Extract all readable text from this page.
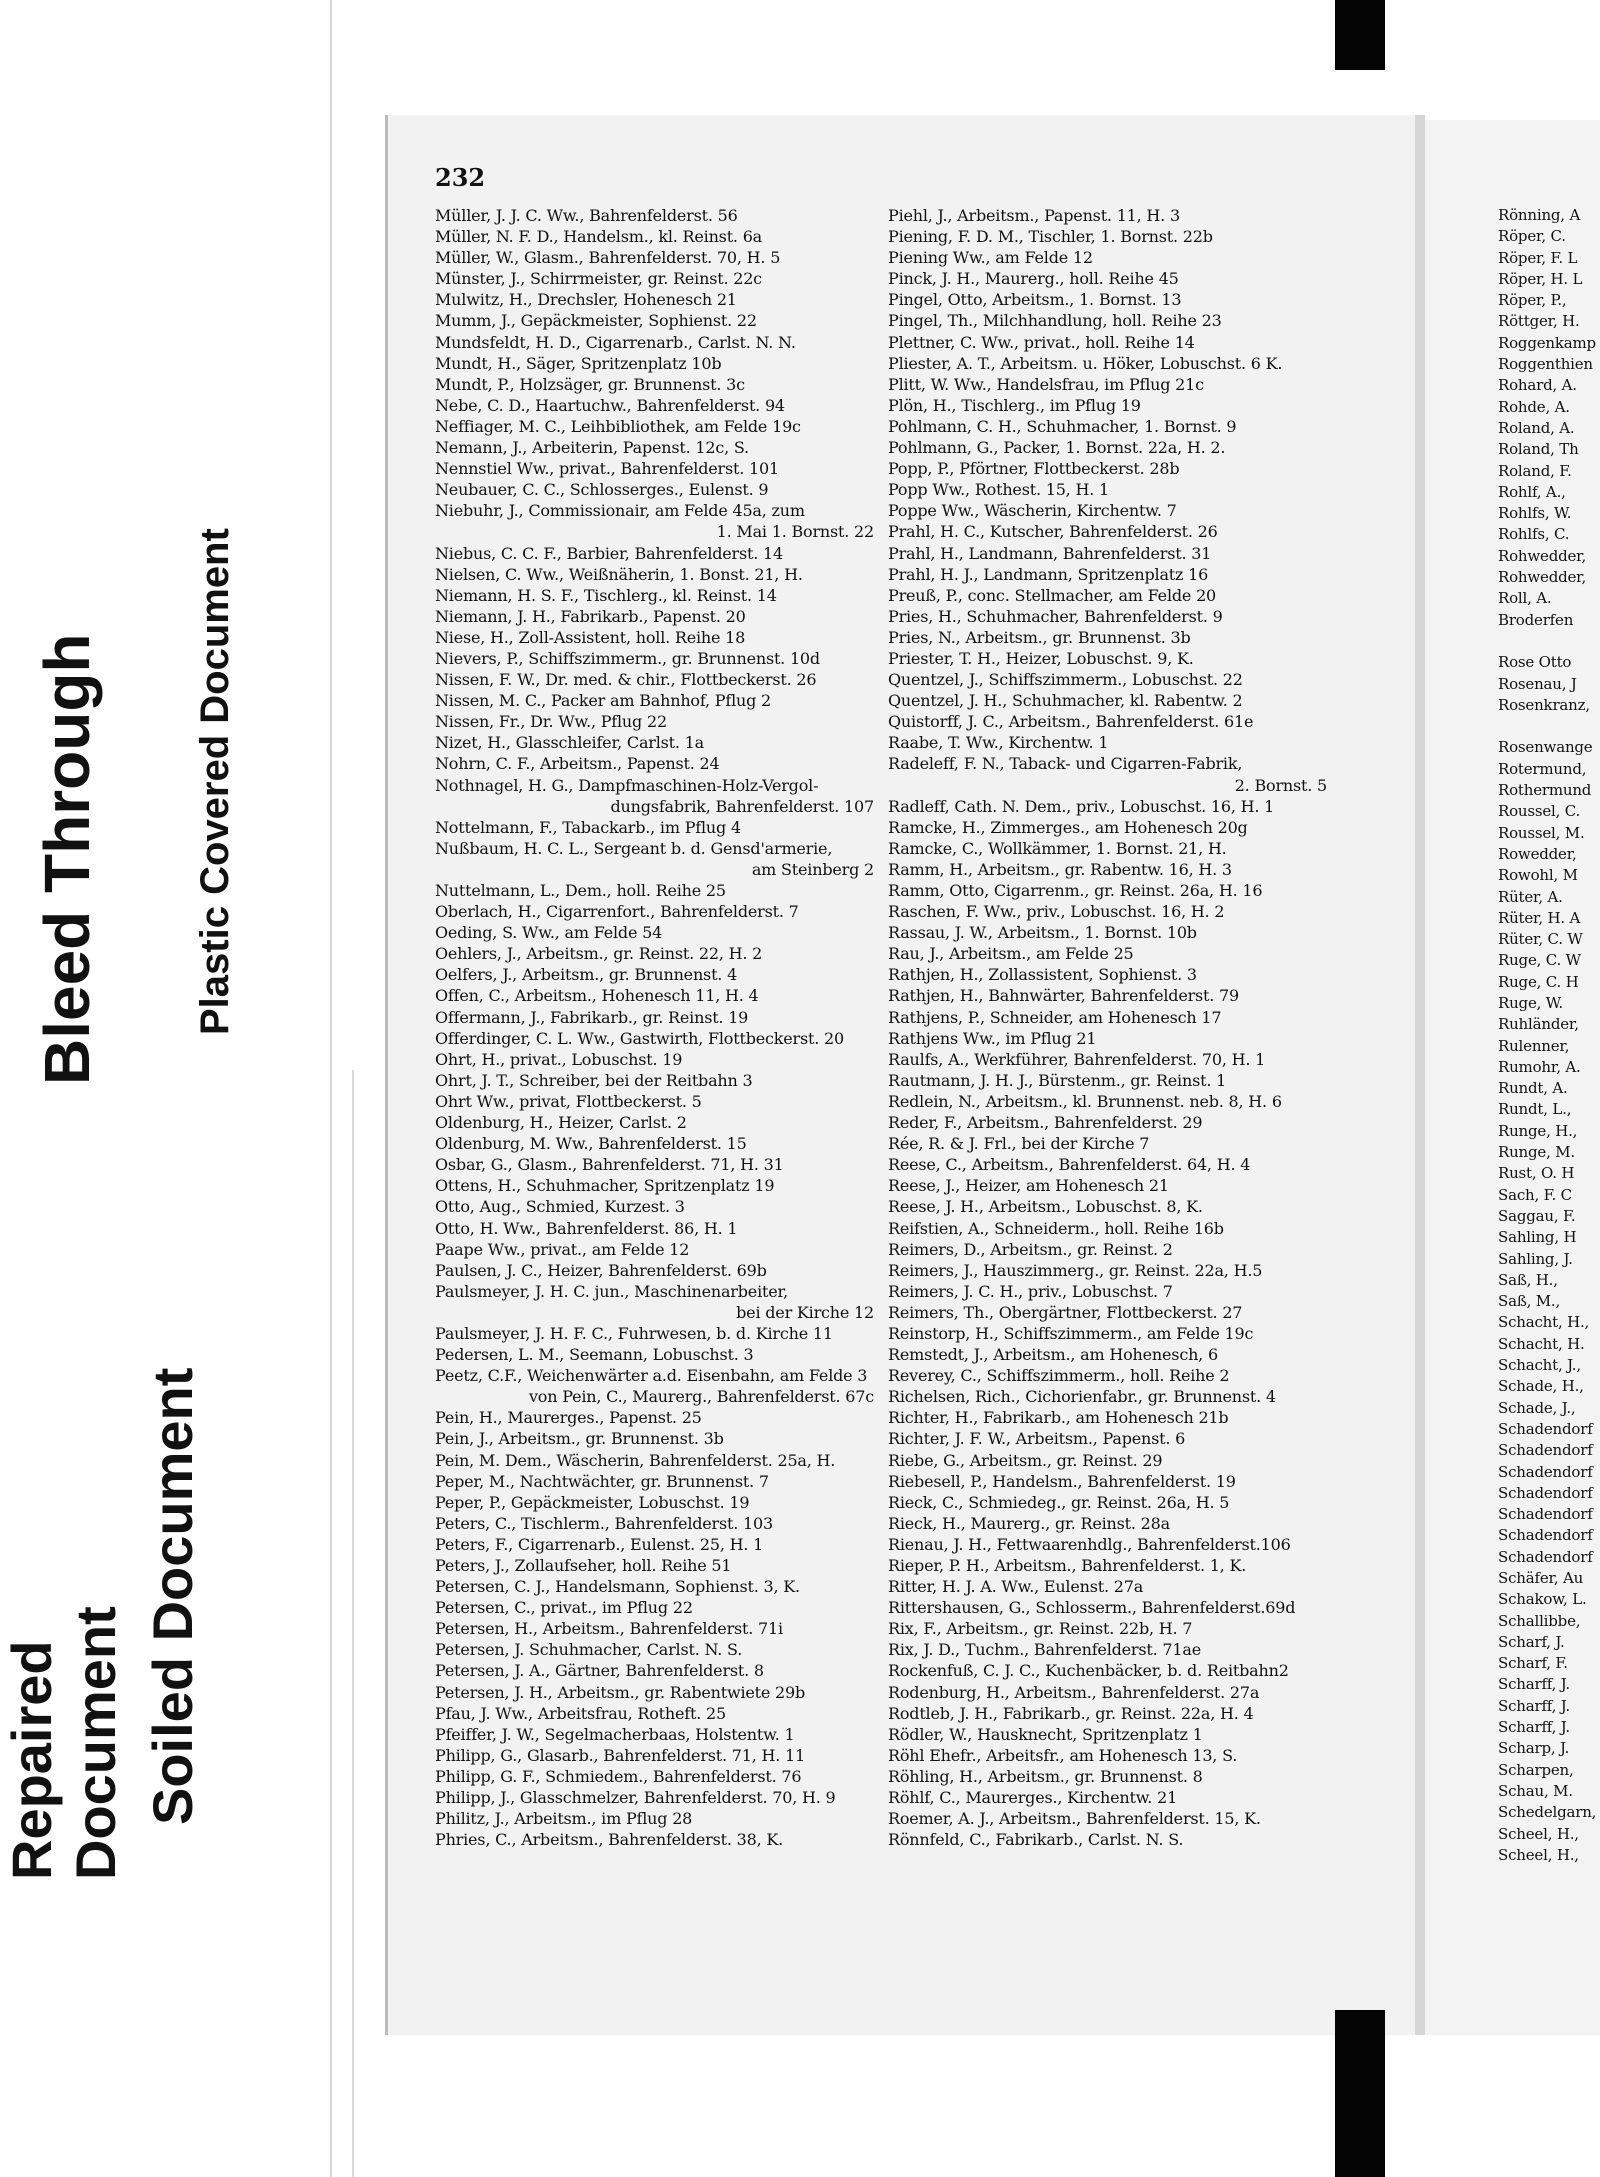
Bleed Through Plastic Covered Document
Repaired Document Soiled Document
232
Müller, J. J. C. Ww., Bahrenfelderst. 56
Müller, N. F. D., Handelsm., kl. Reinst. 6a
Müller, W., Glasm., Bahrenfelderst. 70, H. 5
Münster, J., Schirrmeister, gr. Reinst. 22c
Mulwitz, H., Drechsler, Hohenesch 21
Mumm, J., Gepäckmeister, Sophienst. 22
Mundsfeldt, H. D., Cigarrenarb., Carlst. N. N.
Mundt, H., Säger, Spritzenplatz 10b
Mundt, P., Holzsäger, gr. Brunnenst. 3c
Nebe, C. D., Haartuchw., Bahrenfelderst. 94
Neffiager, M. C., Leihbibliothek, am Felde 19c
Nemann, J., Arbeiterin, Papenst. 12c, S.
Nennstiel Ww., privat., Bahrenfelderst. 101
Neubauer, C. C., Schlosserges., Eulenst. 9
Niebuhr, J., Commissionair, am Felde 45a, zum
1. Mai 1. Bornst. 22
Niebus, C. C. F., Barbier, Bahrenfelderst. 14
Nielsen, C. Ww., Weißnäherin, 1. Bonst. 21, H.
Niemann, H. S. F., Tischlerg., kl. Reinst. 14
Niemann, J. H., Fabrikarb., Papenst. 20
Niese, H., Zoll-Assistent, holl. Reihe 18
Nievers, P., Schiffszimmerm., gr. Brunnenst. 10d
Nissen, F. W., Dr. med. & chir., Flottbeckerst. 26
Nissen, M. C., Packer am Bahnhof, Pflug 2
Nissen, Fr., Dr. Ww., Pflug 22
Nizet, H., Glasschleifer, Carlst. 1a
Nohrn, C. F., Arbeitsm., Papenst. 24
Nothnagel, H. G., Dampfmaschinen-Holz-Vergol-
dungsfabrik, Bahrenfelderst. 107
Nottelmann, F., Tabackarb., im Pflug 4
Nußbaum, H. C. L., Sergeant b. d. Gensd'armerie,
am Steinberg 2
Nuttelmann, L., Dem., holl. Reihe 25
Oberlach, H., Cigarrenfort., Bahrenfelderst. 7
Oeding, S. Ww., am Felde 54
Oehlers, J., Arbeitsm., gr. Reinst. 22, H. 2
Oelfers, J., Arbeitsm., gr. Brunnenst. 4
Offen, C., Arbeitsm., Hohenesch 11, H. 4
Offermann, J., Fabrikarb., gr. Reinst. 19
Offerdinger, C. L. Ww., Gastwirth, Flottbeckerst. 20
Ohrt, H., privat., Lobuschst. 19
Ohrt, J. T., Schreiber, bei der Reitbahn 3
Ohrt Ww., privat, Flottbeckerst. 5
Oldenburg, H., Heizer, Carlst. 2
Oldenburg, M. Ww., Bahrenfelderst. 15
Osbar, G., Glasm., Bahrenfelderst. 71, H. 31
Ottens, H., Schuhmacher, Spritzenplatz 19
Otto, Aug., Schmied, Kurzest. 3
Otto, H. Ww., Bahrenfelderst. 86, H. 1
Paape Ww., privat., am Felde 12
Paulsen, J. C., Heizer, Bahrenfelderst. 69b
Paulsmeyer, J. H. C. jun., Maschinenarbeiter,
bei der Kirche 12
Paulsmeyer, J. H. F. C., Fuhrwesen, b. d. Kirche 11
Pedersen, L. M., Seemann, Lobuschst. 3
Peetz, C.F., Weichenwärter a.d. Eisenbahn, am Felde 3
von Pein, C., Maurerg., Bahrenfelderst. 67c
Pein, H., Maurerges., Papenst. 25
Pein, J., Arbeitsm., gr. Brunnenst. 3b
Pein, M. Dem., Wäscherin, Bahrenfelderst. 25a, H.
Peper, M., Nachtwächter, gr. Brunnenst. 7
Peper, P., Gepäckmeister, Lobuschst. 19
Peters, C., Tischlerm., Bahrenfelderst. 103
Peters, F., Cigarrenarb., Eulenst. 25, H. 1
Peters, J., Zollaufseher, holl. Reihe 51
Petersen, C. J., Handelsmann, Sophienst. 3, K.
Petersen, C., privat., im Pflug 22
Petersen, H., Arbeitsm., Bahrenfelderst. 71i
Petersen, J. Schuhmacher, Carlst. N. S.
Petersen, J. A., Gärtner, Bahrenfelderst. 8
Petersen, J. H., Arbeitsm., gr. Rabentwiete 29b
Pfau, J. Ww., Arbeitsfrau, Rotheft. 25
Pfeiffer, J. W., Segelmacherbaas, Holstentw. 1
Philipp, G., Glasarb., Bahrenfelderst. 71, H. 11
Philipp, G. F., Schmiedem., Bahrenfelderst. 76
Philipp, J., Glasschmelzer, Bahrenfelderst. 70, H. 9
Philitz, J., Arbeitsm., im Pflug 28
Phries, C., Arbeitsm., Bahrenfelderst. 38, K.
Piehl, J., Arbeitsm., Papenst. 11, H. 3
Piening, F. D. M., Tischler, 1. Bornst. 22b
Piening Ww., am Felde 12
Pinck, J. H., Maurerg., holl. Reihe 45
Pingel, Otto, Arbeitsm., 1. Bornst. 13
Pingel, Th., Milchhandlung, holl. Reihe 23
Plettner, C. Ww., privat., holl. Reihe 14
Pliester, A. T., Arbeitsm. u. Höker, Lobuschst. 6 K.
Plitt, W. Ww., Handelsfrau, im Pflug 21c
Plön, H., Tischlerg., im Pflug 19
Pohlmann, C. H., Schuhmacher, 1. Bornst. 9
Pohlmann, G., Packer, 1. Bornst. 22a, H. 2.
Popp, P., Pförtner, Flottbeckerst. 28b
Popp Ww., Rothest. 15, H. 1
Poppe Ww., Wäscherin, Kirchentw. 7
Prahl, H. C., Kutscher, Bahrenfelderst. 26
Prahl, H., Landmann, Bahrenfelderst. 31
Prahl, H. J., Landmann, Spritzenplatz 16
Preuß, P., conc. Stellmacher, am Felde 20
Pries, H., Schuhmacher, Bahrenfelderst. 9
Pries, N., Arbeitsm., gr. Brunnenst. 3b
Priester, T. H., Heizer, Lobuschst. 9, K.
Quentzel, J., Schiffszimmerm., Lobuschst. 22
Quentzel, J. H., Schuhmacher, kl. Rabentw. 2
Quistorff, J. C., Arbeitsm., Bahrenfelderst. 61e
Raabe, T. Ww., Kirchentw. 1
Radeleff, F. N., Taback- und Cigarren-Fabrik,
2. Bornst. 5
Radleff, Cath. N. Dem., priv., Lobuschst. 16, H. 1
Ramcke, H., Zimmerges., am Hohenesch 20g
Ramcke, C., Wollkämmer, 1. Bornst. 21, H.
Ramm, H., Arbeitsm., gr. Rabentw. 16, H. 3
Ramm, Otto, Cigarrenm., gr. Reinst. 26a, H. 16
Raschen, F. Ww., priv., Lobuschst. 16, H. 2
Rassau, J. W., Arbeitsm., 1. Bornst. 10b
Rau, J., Arbeitsm., am Felde 25
Rathjen, H., Zollassistent, Sophienst. 3
Rathjen, H., Bahnwärter, Bahrenfelderst. 79
Rathjens, P., Schneider, am Hohenesch 17
Rathjens Ww., im Pflug 21
Raulfs, A., Werkführer, Bahrenfelderst. 70, H. 1
Rautmann, J. H. J., Bürstenm., gr. Reinst. 1
Redlein, N., Arbeitsm., kl. Brunnenst. neb. 8, H. 6
Reder, F., Arbeitsm., Bahrenfelderst. 29
Rée, R. & J. Frl., bei der Kirche 7
Reese, C., Arbeitsm., Bahrenfelderst. 64, H. 4
Reese, J., Heizer, am Hohenesch 21
Reese, J. H., Arbeitsm., Lobuschst. 8, K.
Reifstien, A., Schneiderm., holl. Reihe 16b
Reimers, D., Arbeitsm., gr. Reinst. 2
Reimers, J., Hauszimmerg., gr. Reinst. 22a, H.5
Reimers, J. C. H., priv., Lobuschst. 7
Reimers, Th., Obergärtner, Flottbeckerst. 27
Reinstorp, H., Schiffszimmerm., am Felde 19c
Remstedt, J., Arbeitsm., am Hohenesch, 6
Reverey, C., Schiffszimmerm., holl. Reihe 2
Richelsen, Rich., Cichorienfabr., gr. Brunnenst. 4
Richter, H., Fabrikarb., am Hohenesch 21b
Richter, J. F. W., Arbeitsm., Papenst. 6
Riebe, G., Arbeitsm., gr. Reinst. 29
Riebesell, P., Handelsm., Bahrenfelderst. 19
Rieck, C., Schmiedeg., gr. Reinst. 26a, H. 5
Rieck, H., Maurerg., gr. Reinst. 28a
Rienau, J. H., Fettwaarenhdlg., Bahrenfelderst.106
Rieper, P. H., Arbeitsm., Bahrenfelderst. 1, K.
Ritter, H. J. A. Ww., Eulenst. 27a
Rittershausen, G., Schlosserm., Bahrenfelderst.69d
Rix, F., Arbeitsm., gr. Reinst. 22b, H. 7
Rix, J. D., Tuchm., Bahrenfelderst. 71ae
Rockenfuß, C. J. C., Kuchenbäcker, b. d. Reitbahn2
Rodenburg, H., Arbeitsm., Bahrenfelderst. 27a
Rodtleb, J. H., Fabrikarb., gr. Reinst. 22a, H. 4
Rödler, W., Hausknecht, Spritzenplatz 1
Röhl Ehefr., Arbeitsfr., am Hohenesch 13, S.
Röhling, H., Arbeitsm., gr. Brunnenst. 8
Röhlf, C., Maurerges., Kirchentw. 21
Roemer, A. J., Arbeitsm., Bahrenfelderst. 15, K.
Rönnfeld, C., Fabrikarb., Carlst. N. S.
Rönning, A
Röper, C.
Röper, F. L
Röper, H. L
Röper, P.,
Röttger, H.
Roggenkamp
Roggenthien
Rohard, A.
Rohde, A.
Roland, A.
Roland, Th
Roland, F.
Rohlf, A.,
Rohlfs, W.
Rohlfs, C.
Rohwedder,
Rohwedder,
Roll, A.
Broderfen
Rose Otto
Rosenau, J
Rosenkranz,
Rosenwange
Rotermund,
Rothermund
Roussel, C.
Roussel, M.
Rowedder,
Rowohl, M
Rüter, A.
Rüter, H. A
Rüter, C. W
Ruge, C. W
Ruge, C. H
Ruge, W.
Ruhländer,
Rulenner,
Rumohr, A.
Rundt, A.
Rundt, L.,
Runge, H.,
Runge, M.
Rust, O. H
Sach, F. C
Saggau, F.
Sahling, H
Sahling, J.
Saß, H.,
Saß, M.,
Schacht, H.,
Schacht, H.
Schacht, J.,
Schade, H.,
Schade, J.,
Schadendorf
Schadendorf
Schadendorf
Schadendorf
Schadendorf
Schadendorf
Schadendorf
Schäfer, Au
Schakow, L.
Schallibbe,
Scharf, J.
Scharf, F.
Scharff, J.
Scharff, J.
Scharff, J.
Scharp, J.
Scharpen,
Schau, M.
Schedelgarn,
Scheel, H.,
Scheel, H.,
